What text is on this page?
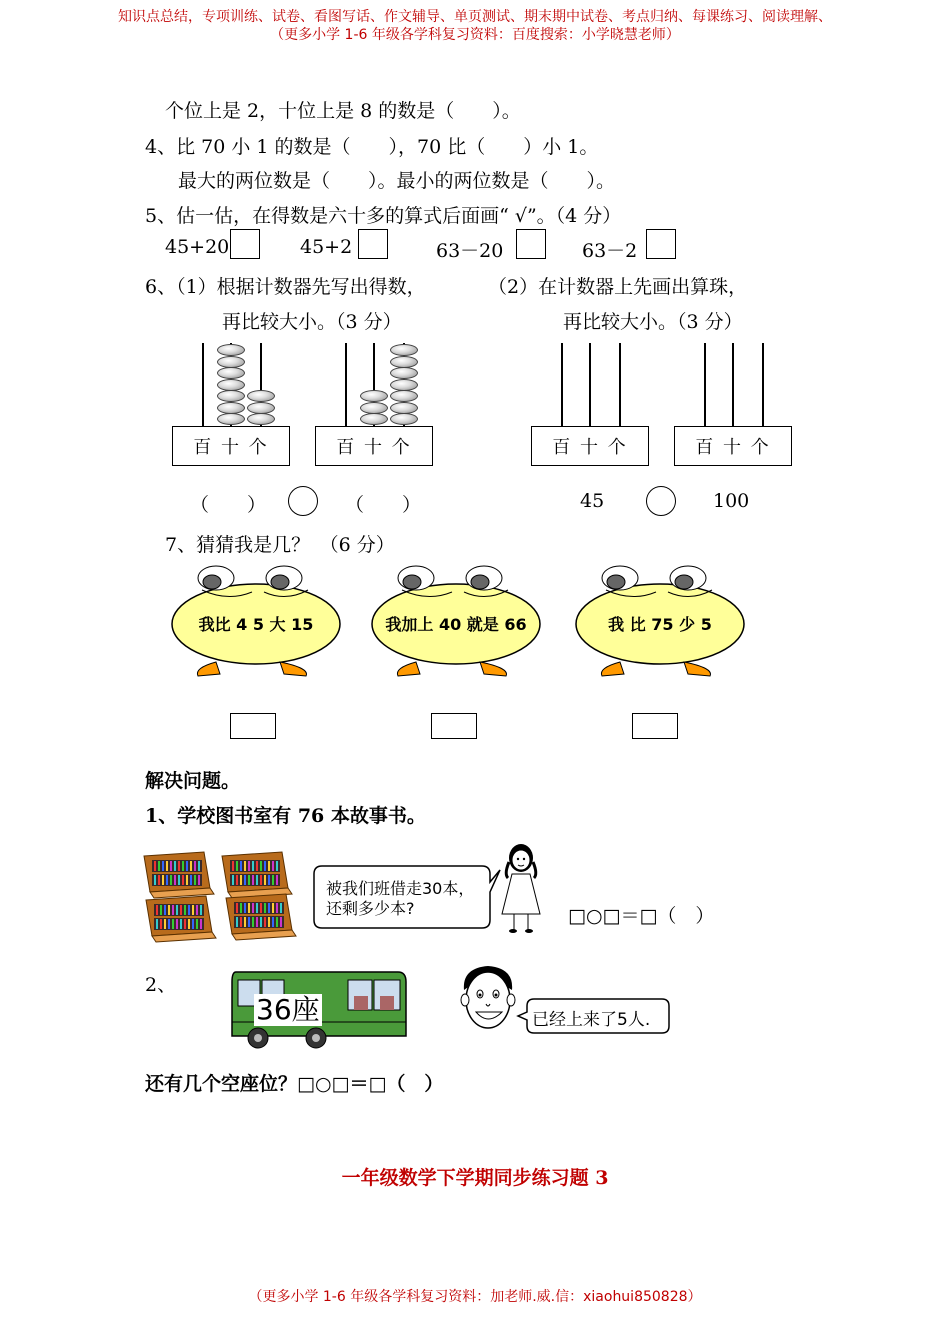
知识点总结，专项训练、试卷、看图写话、作文辅导、单页测试、期末期中试卷、考点归纳、每课练习、阅读理解、
（更多小学 1-6 年级各学科复习资料：百度搜索：小学晓慧老师）
个位上是 2，十位上是 8 的数是（　　）。
4、比 70 小 1 的数是（　　），70 比（　　）小 1。
最大的两位数是（　　）。最小的两位数是（　　）。
5、估一估，在得数是六十多的算式后面画“ √”。（4 分）
45+20	45+2	63－20	63－2
6、（1）根据计数器先写出得数，	（2）在计数器上先画出算珠，
再比较大小。（3 分）	再比较大小。（3 分）
百 十 个	百 十 个	百 十 个	百 十 个
（　　）	（　　）	45	100
7、猜猜我是几？　（6 分）
我比 4 5 大 15	我加上 40 就是 66	我 比 75 少 5
解决问题。
1、学校图书室有 76 本故事书。
被我们班借走30本，还剩多少本?	□○□＝□（　）
2、
36座	已经上来了5人.
还有几个空座位？□○□＝□（　）
一年级数学下学期同步练习题 3
（更多小学 1-6 年级各学科复习资料：加老师.威.信：xiaohui850828）
